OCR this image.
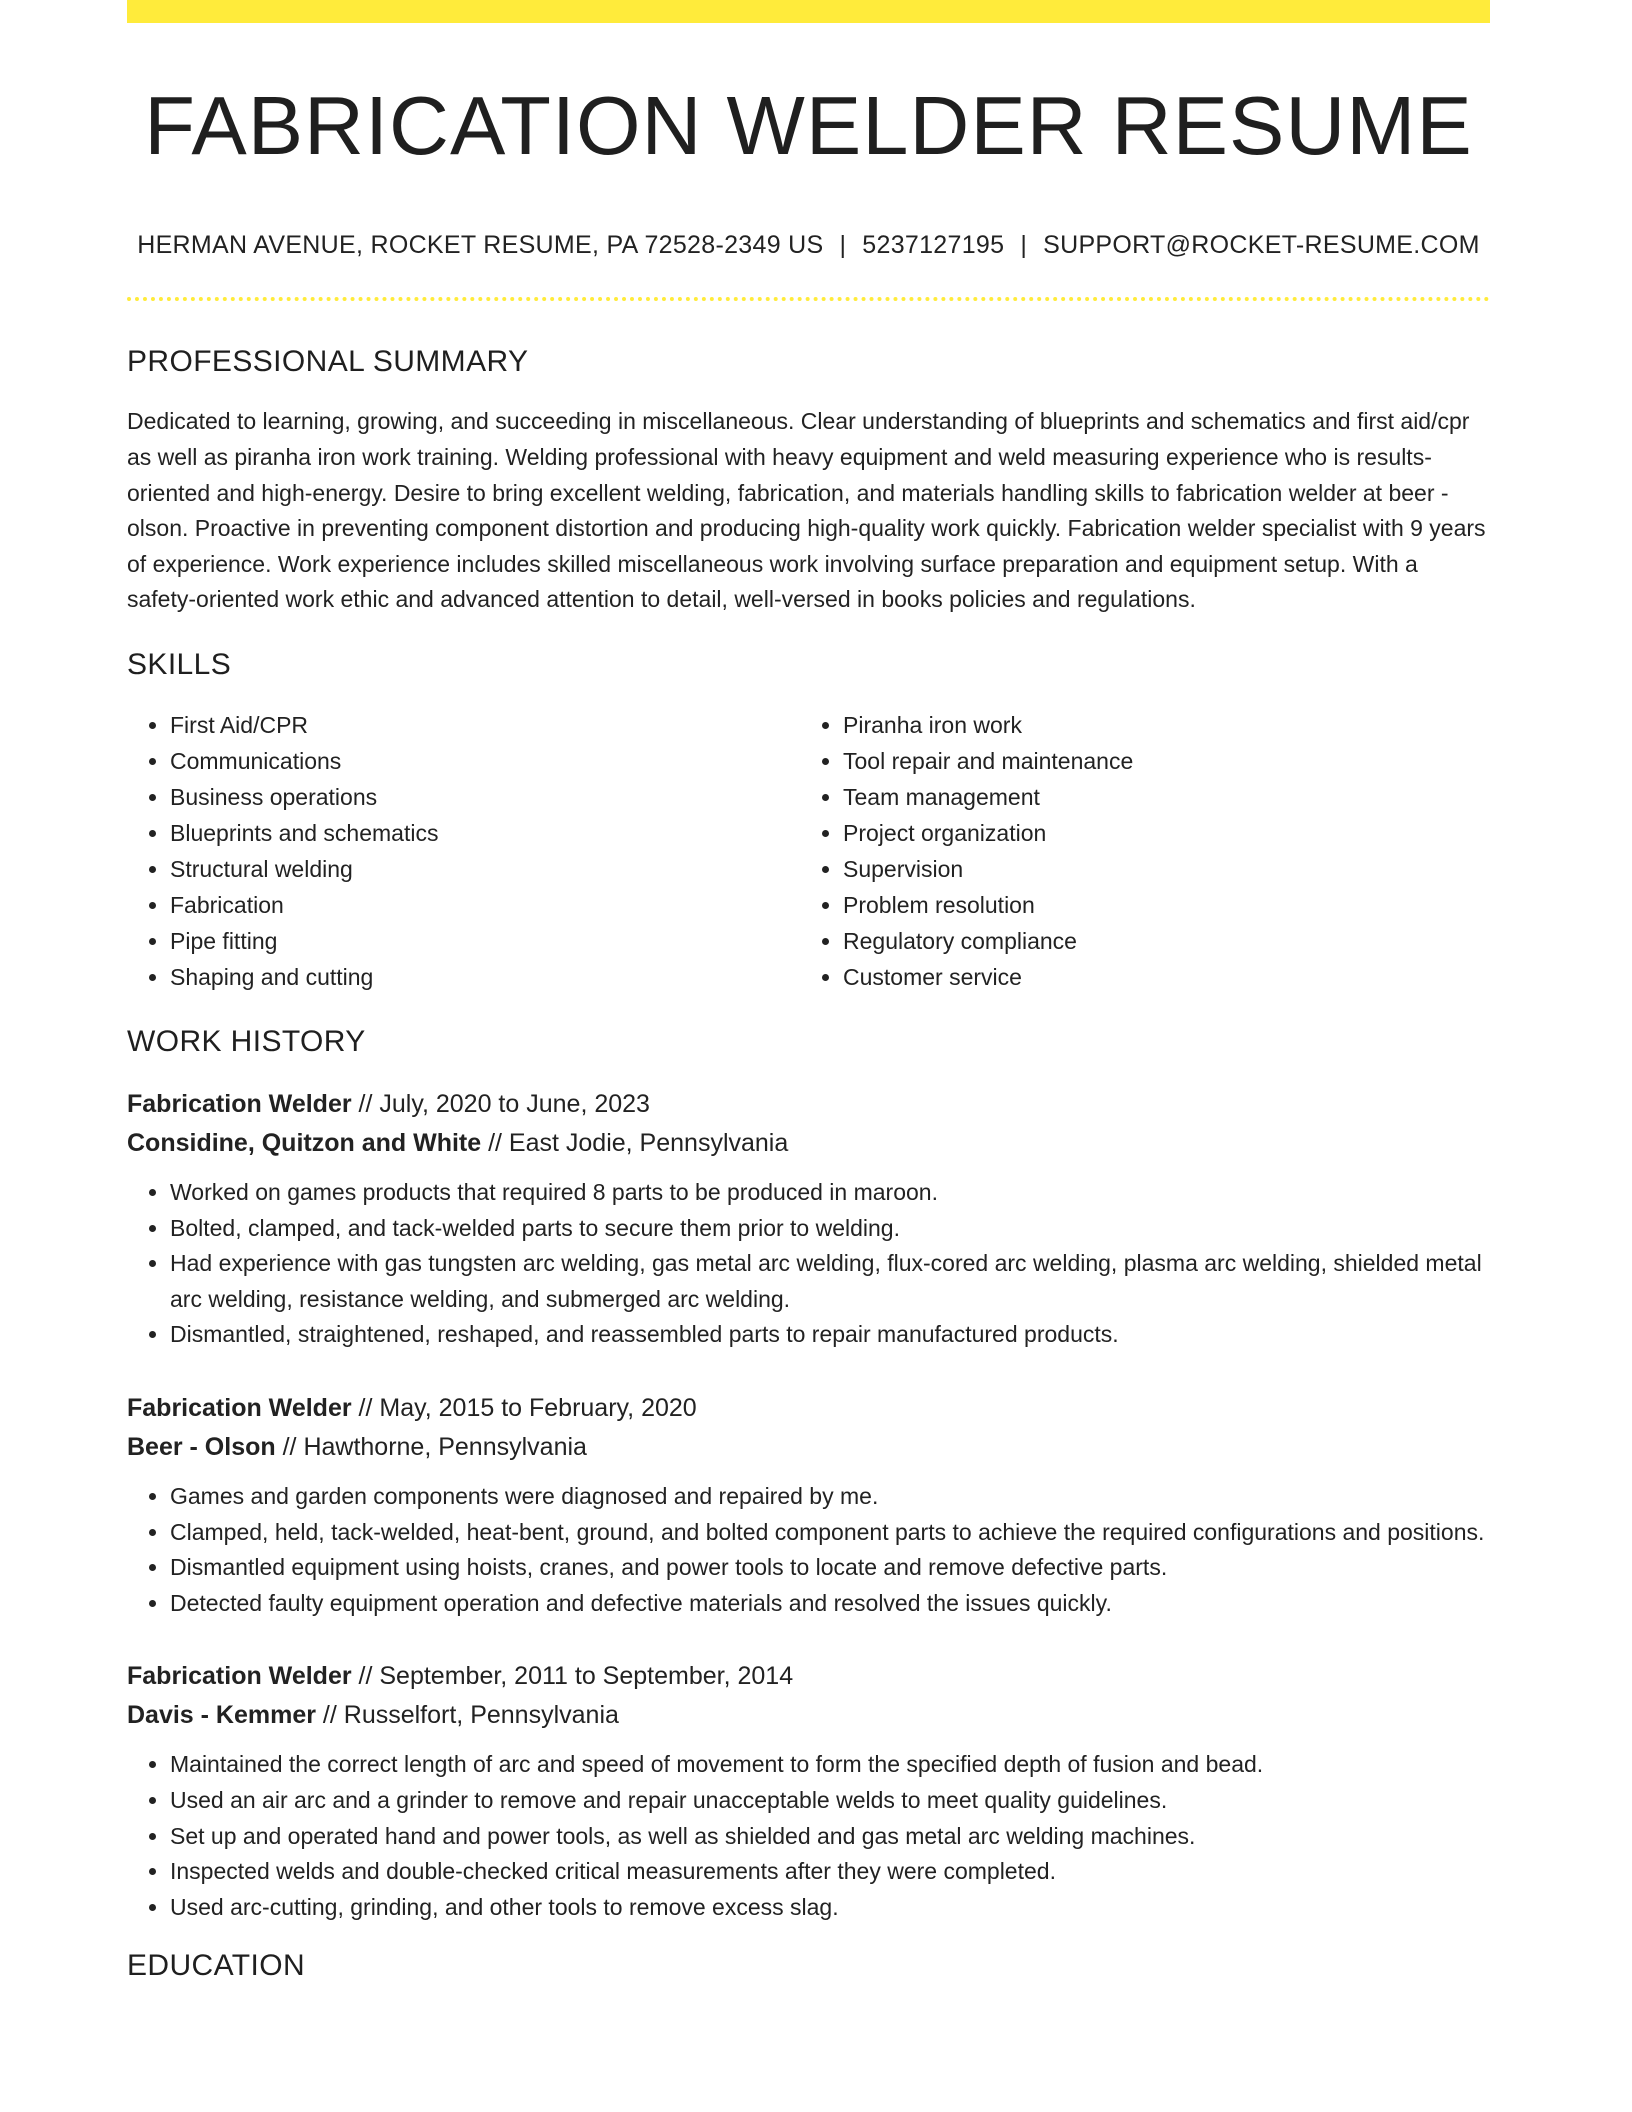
FABRICATION WELDER RESUME
HERMAN AVENUE, ROCKET RESUME, PA 72528-2349 US | 5237127195 | SUPPORT@ROCKET-RESUME.COM
PROFESSIONAL SUMMARY

Dedicated to learning, growing, and succeeding in miscellaneous. Clear understanding of blueprints and schematics and first aid/cpr as well as piranha iron work training. Welding professional with heavy equipment and weld measuring experience who is results-oriented and high-energy. Desire to bring excellent welding, fabrication, and materials handling skills to fabrication welder at beer - olson. Proactive in preventing component distortion and producing high-quality work quickly. Fabrication welder specialist with 9 years of experience. Work experience includes skilled miscellaneous work involving surface preparation and equipment setup. With a safety-oriented work ethic and advanced attention to detail, well-versed in books policies and regulations.

SKILLS
• First Aid/CPR
• Communications
• Business operations
• Blueprints and schematics
• Structural welding
• Fabrication
• Pipe fitting
• Shaping and cutting
• Piranha iron work
• Tool repair and maintenance
• Team management
• Project organization
• Supervision
• Problem resolution
• Regulatory compliance
• Customer service
WORK HISTORY
Fabrication Welder // July, 2020 to June, 2023
Considine, Quitzon and White // East Jodie, Pennsylvania
• Worked on games products that required 8 parts to be produced in maroon.
• Bolted, clamped, and tack-welded parts to secure them prior to welding.
• Had experience with gas tungsten arc welding, gas metal arc welding, flux-cored arc welding, plasma arc welding, shielded metal arc welding, resistance welding, and submerged arc welding.
• Dismantled, straightened, reshaped, and reassembled parts to repair manufactured products.
Fabrication Welder // May, 2015 to February, 2020
Beer - Olson // Hawthorne, Pennsylvania
• Games and garden components were diagnosed and repaired by me.
• Clamped, held, tack-welded, heat-bent, ground, and bolted component parts to achieve the required configurations and positions.
• Dismantled equipment using hoists, cranes, and power tools to locate and remove defective parts.
• Detected faulty equipment operation and defective materials and resolved the issues quickly.
Fabrication Welder // September, 2011 to September, 2014
Davis - Kemmer // Russelfort, Pennsylvania
• Maintained the correct length of arc and speed of movement to form the specified depth of fusion and bead.
• Used an air arc and a grinder to remove and repair unacceptable welds to meet quality guidelines.
• Set up and operated hand and power tools, as well as shielded and gas metal arc welding machines.
• Inspected welds and double-checked critical measurements after they were completed.
• Used arc-cutting, grinding, and other tools to remove excess slag.
EDUCATION
